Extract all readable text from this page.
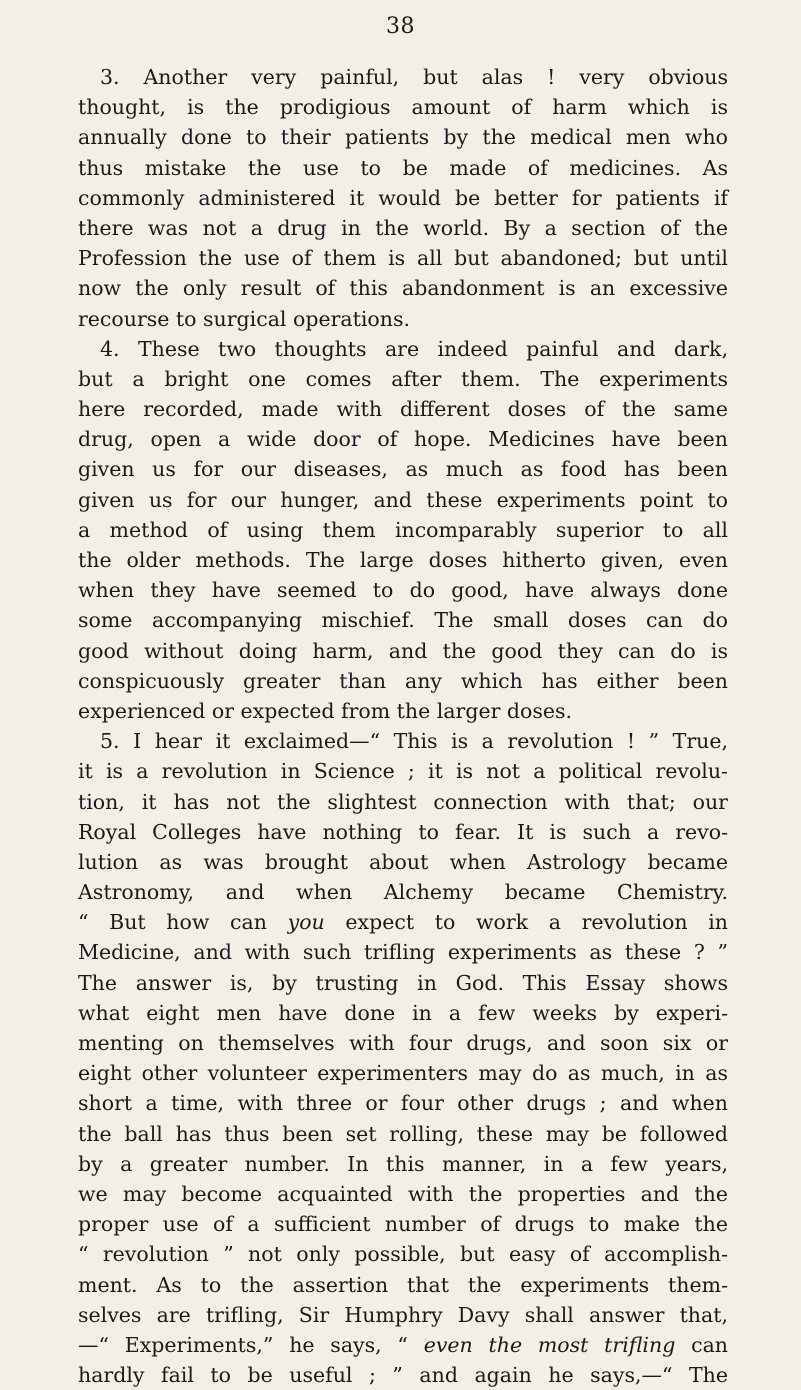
38
3. Another very painful, but alas ! very obvious
thought, is the prodigious amount of harm which is
annually done to their patients by the medical men who
thus mistake the use to be made of medicines. As
commonly administered it would be better for patients if
there was not a drug in the world. By a section of the
Profession the use of them is all but abandoned; but until
now the only result of this abandonment is an excessive
recourse to surgical operations.
4. These two thoughts are indeed painful and dark,
but a bright one comes after them. The experiments
here recorded, made with different doses of the same
drug, open a wide door of hope. Medicines have been
given us for our diseases, as much as food has been
given us for our hunger, and these experiments point to
a method of using them incomparably superior to all
the older methods. The large doses hitherto given, even
when they have seemed to do good, have always done
some accompanying mischief. The small doses can do
good without doing harm, and the good they can do is
conspicuously greater than any which has either been
experienced or expected from the larger doses.
5. I hear it exclaimed—“ This is a revolution ! ” True,
it is a revolution in Science ; it is not a political revolu-
tion, it has not the slightest connection with that; our
Royal Colleges have nothing to fear. It is such a revo-
lution as was brought about when Astrology became
Astronomy, and when Alchemy became Chemistry.
“ But how can you expect to work a revolution in
Medicine, and with such trifling experiments as these ? ”
The answer is, by trusting in God. This Essay shows
what eight men have done in a few weeks by experi-
menting on themselves with four drugs, and soon six or
eight other volunteer experimenters may do as much, in as
short a time, with three or four other drugs ; and when
the ball has thus been set rolling, these may be followed
by a greater number. In this manner, in a few years,
we may become acquainted with the properties and the
proper use of a sufficient number of drugs to make the
“ revolution ” not only possible, but easy of accomplish-
ment. As to the assertion that the experiments them-
selves are trifling, Sir Humphry Davy shall answer that,
—“ Experiments,” he says, “ even the most trifling can
hardly fail to be useful ; ” and again he says,—“ The
